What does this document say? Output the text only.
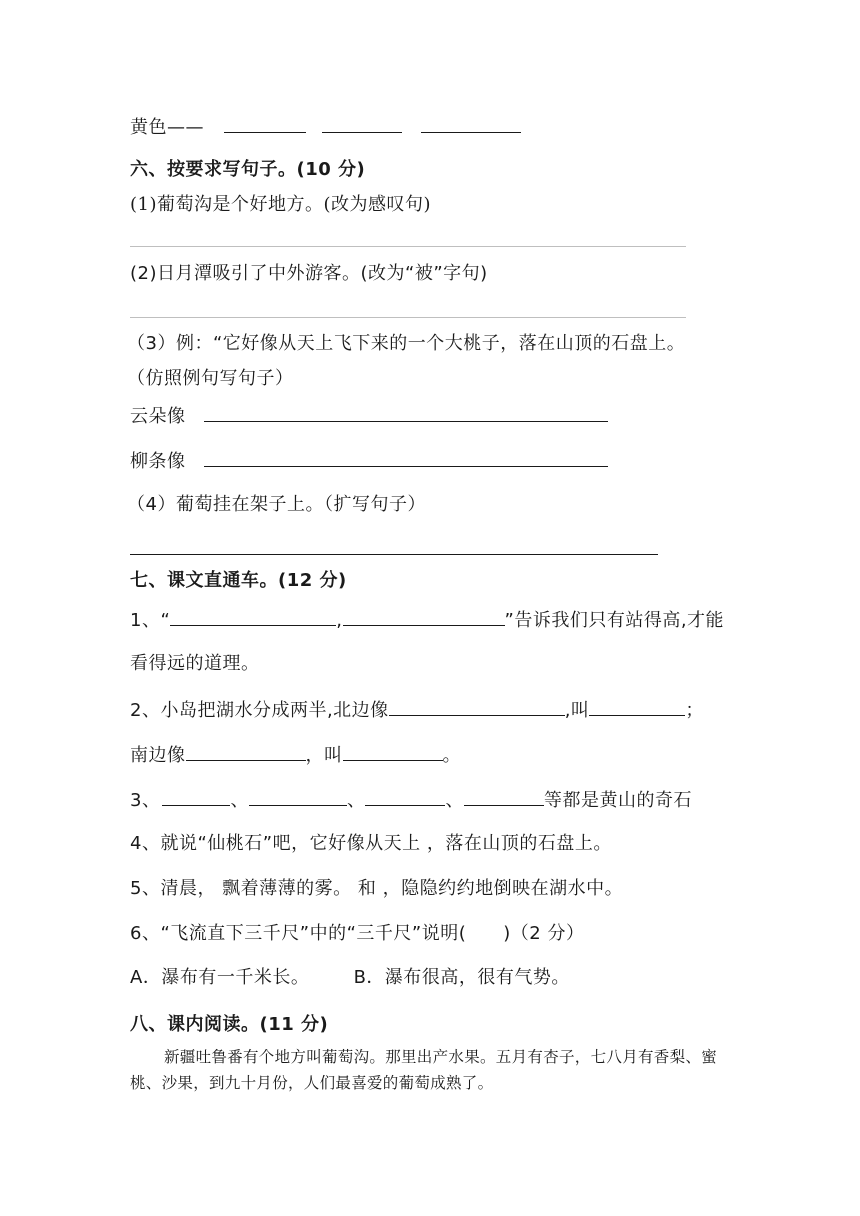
黄色——
六、按要求写句子。(10 分)
(1)葡萄沟是个好地方。(改为感叹句)
(2)日月潭吸引了中外游客。(改为“被”字句)
（3）例：“它好像从天上飞下来的一个大桃子，落在山顶的石盘上。
（仿照例句写句子）
云朵像
柳条像
（4）葡萄挂在架子上。（扩写句子）
七、课文直通车。(12 分)
1、“	,	”告诉我们只有站得高,才能
看得远的道理。
2、小岛把湖水分成两半,北边像	,叫	；
南边像	，叫	。
3、	、	、	、	等都是黄山的奇石
4、就说“仙桃石”吧，它好像从天上 ，落在山顶的石盘上。
5、清晨， 飘着薄薄的雾。 和 ，隐隐约约地倒映在湖水中。
6、“飞流直下三千尺”中的“三千尺”说明(　　)（2 分）
A．瀑布有一千米长。 B．瀑布很高，很有气势。
八、课内阅读。(11 分)
新疆吐鲁番有个地方叫葡萄沟。那里出产水果。五月有杏子，七八月有香梨、蜜桃、沙果，到九十月份，人们最喜爱的葡萄成熟了。
